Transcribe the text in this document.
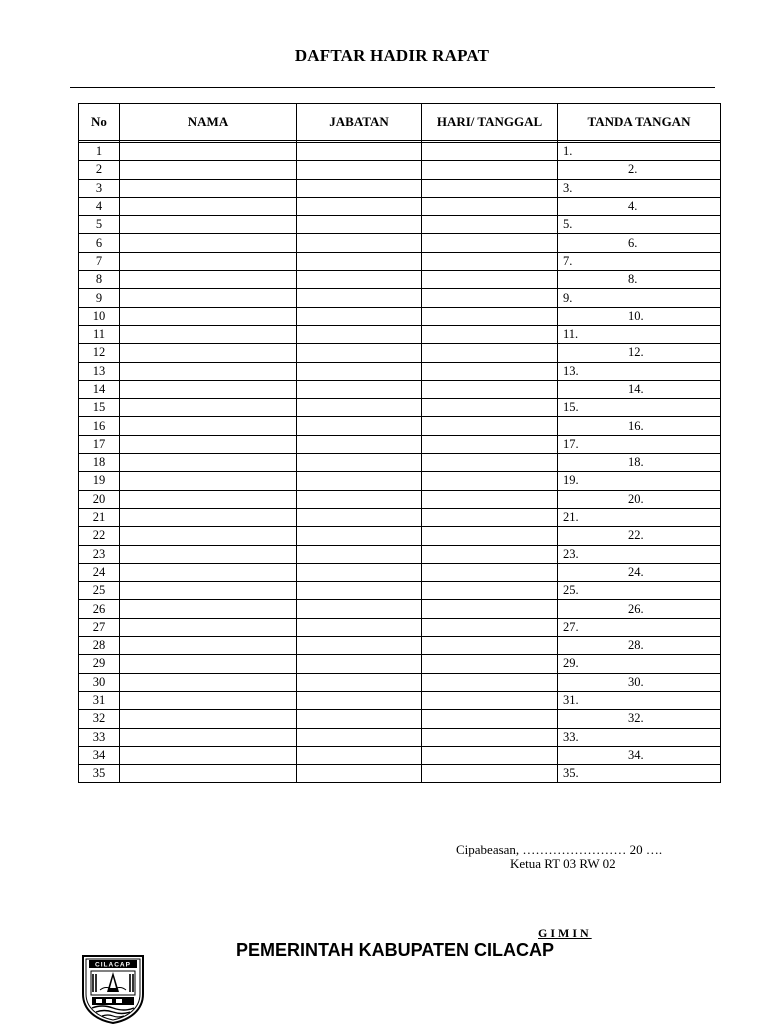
DAFTAR HADIR RAPAT
No	NAMA	JABATAN	HARI/ TANGGAL	TANDA TANGAN

1				1.
2				2.
3				3.
4				4.
5				5.
6				6.
7				7.
8				8.
9				9.
10				10.
11				11.
12				12.
13				13.
14				14.
15				15.
16				16.
17				17.
18				18.
19				19.
20				20.
21				21.
22				22.
23				23.
24				24.
25				25.
26				26.
27				27.
28				28.
29				29.
30				30.
31				31.
32				32.
33				33.
34				34.
35				35.
Cipabeasan, …………………… 20 ….
Ketua RT 03 RW 02
GIMIN
PEMERINTAH KABUPATEN CILACAP
CILACAP
